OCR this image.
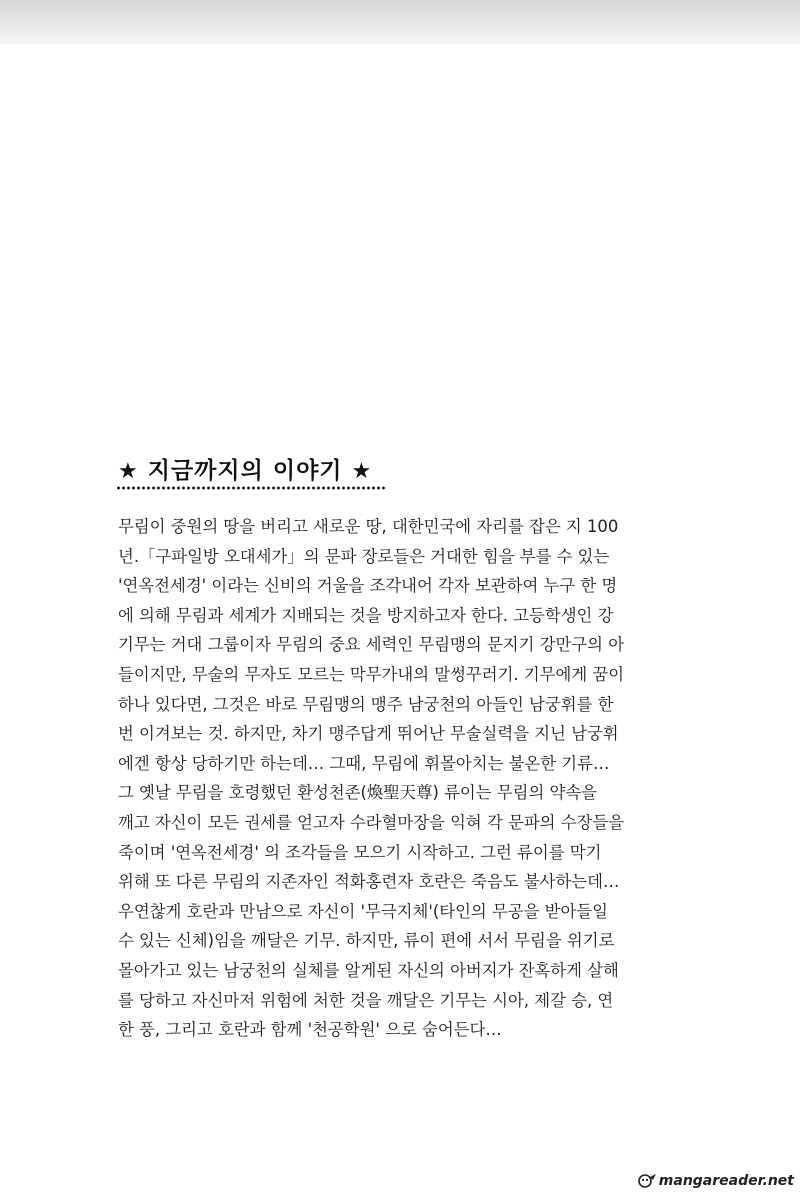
★ 지금까지의 이야기 ★
무림이 중원의 땅을 버리고 새로운 땅, 대한민국에 자리를 잡은 지 100
년.「구파일방 오대세가」의 문파 장로들은 거대한 힘을 부를 수 있는
'연옥전세경' 이라는 신비의 거울을 조각내어 각자 보관하여 누구 한 명
에 의해 무림과 세계가 지배되는 것을 방지하고자 한다. 고등학생인 강
기무는 거대 그룹이자 무림의 중요 세력인 무림맹의 문지기 강만구의 아
들이지만, 무술의 무자도 모르는 막무가내의 말썽꾸러기. 기무에게 꿈이
하나 있다면, 그것은 바로 무림맹의 맹주 남궁천의 아들인 남궁휘를 한
번 이겨보는 것. 하지만, 차기 맹주답게 뛰어난 무술실력을 지닌 남궁휘
에겐 항상 당하기만 하는데… 그때, 무림에 휘몰아치는 불온한 기류…
그 옛날 무림을 호령했던 환성천존(煥聖天尊) 류이는 무림의 약속을
깨고 자신이 모든 권세를 얻고자 수라혈마장을 익혀 각 문파의 수장들을
죽이며 '연옥전세경' 의 조각들을 모으기 시작하고. 그런 류이를 막기
위해 또 다른 무림의 지존자인 적화홍련자 호란은 죽음도 불사하는데…
우연찮게 호란과 만남으로 자신이 '무극지체'(타인의 무공을 받아들일
수 있는 신체)임을 깨달은 기무. 하지만, 류이 편에 서서 무림을 위기로
몰아가고 있는 남궁천의 실체를 알게된 자신의 아버지가 잔혹하게 살해
를 당하고 자신마저 위험에 처한 것을 깨달은 기무는 시아, 제갈 승, 연
한 풍, 그리고 호란과 함께 '천공학원' 으로 숨어든다…
mangareader.net
